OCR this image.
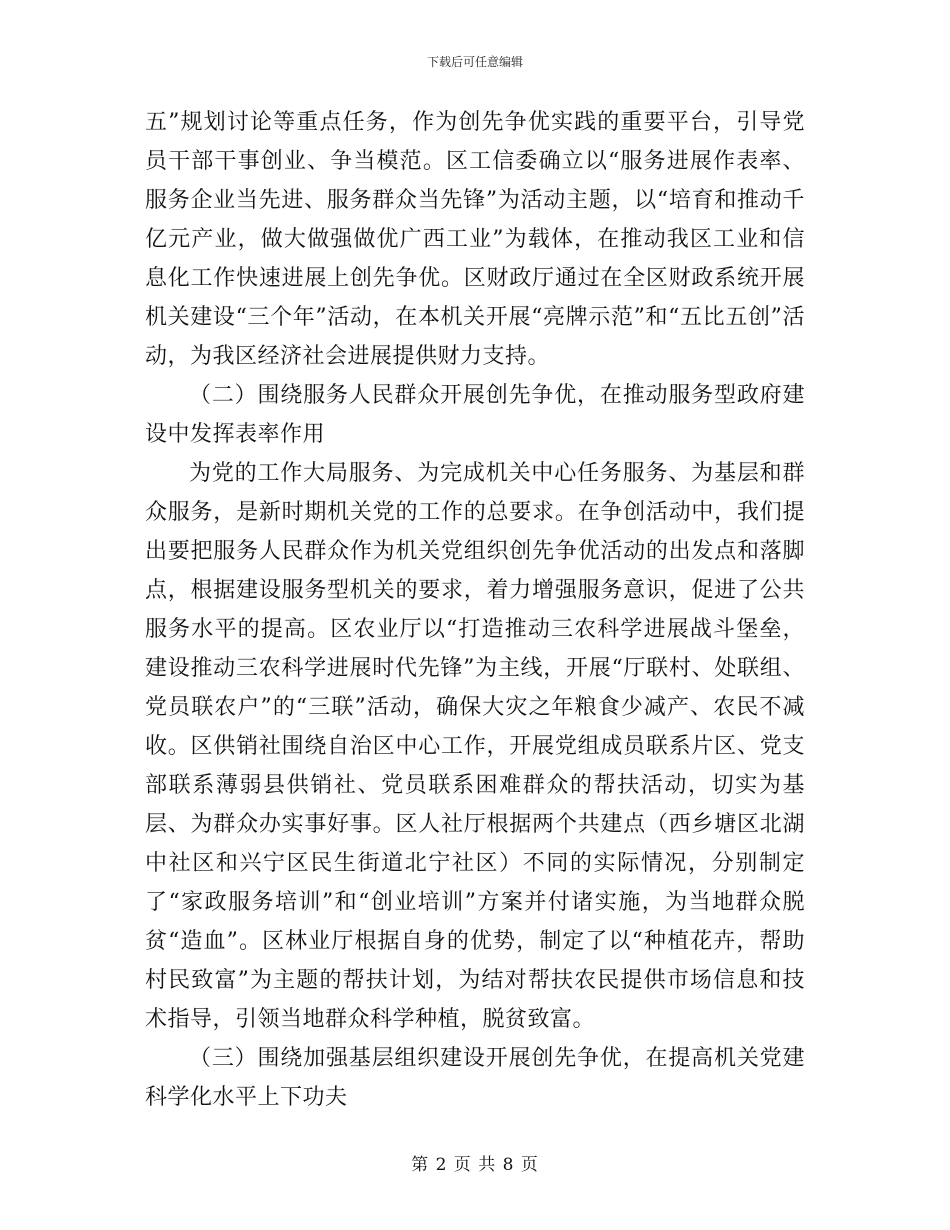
下载后可任意编辑

五”规划讨论等重点任务，作为创先争优实践的重要平台，引导党员干部干事创业、争当模范。区工信委确立以“服务进展作表率、服务企业当先进、服务群众当先锋”为活动主题，以“培育和推动千亿元产业，做大做强做优广西工业”为载体，在推动我区工业和信息化工作快速进展上创先争优。区财政厅通过在全区财政系统开展机关建设“三个年”活动，在本机关开展“亮牌示范”和“五比五创”活动，为我区经济社会进展提供财力支持。

（二）围绕服务人民群众开展创先争优，在推动服务型政府建设中发挥表率作用

为党的工作大局服务、为完成机关中心任务服务、为基层和群众服务，是新时期机关党的工作的总要求。在争创活动中，我们提出要把服务人民群众作为机关党组织创先争优活动的出发点和落脚点，根据建设服务型机关的要求，着力增强服务意识，促进了公共服务水平的提高。区农业厅以“打造推动三农科学进展战斗堡垒，建设推动三农科学进展时代先锋”为主线，开展“厅联村、处联组、党员联农户”的“三联”活动，确保大灾之年粮食少减产、农民不减收。区供销社围绕自治区中心工作，开展党组成员联系片区、党支部联系薄弱县供销社、党员联系困难群众的帮扶活动，切实为基层、为群众办实事好事。区人社厅根据两个共建点（西乡塘区北湖中社区和兴宁区民生街道北宁社区）不同的实际情况，分别制定了“家政服务培训”和“创业培训”方案并付诸实施，为当地群众脱贫“造血”。区林业厅根据自身的优势，制定了以“种植花卉，帮助村民致富”为主题的帮扶计划，为结对帮扶农民提供市场信息和技术指导，引领当地群众科学种植，脱贫致富。

（三）围绕加强基层组织建设开展创先争优，在提高机关党建科学化水平上下功夫

第 2 页 共 8 页
